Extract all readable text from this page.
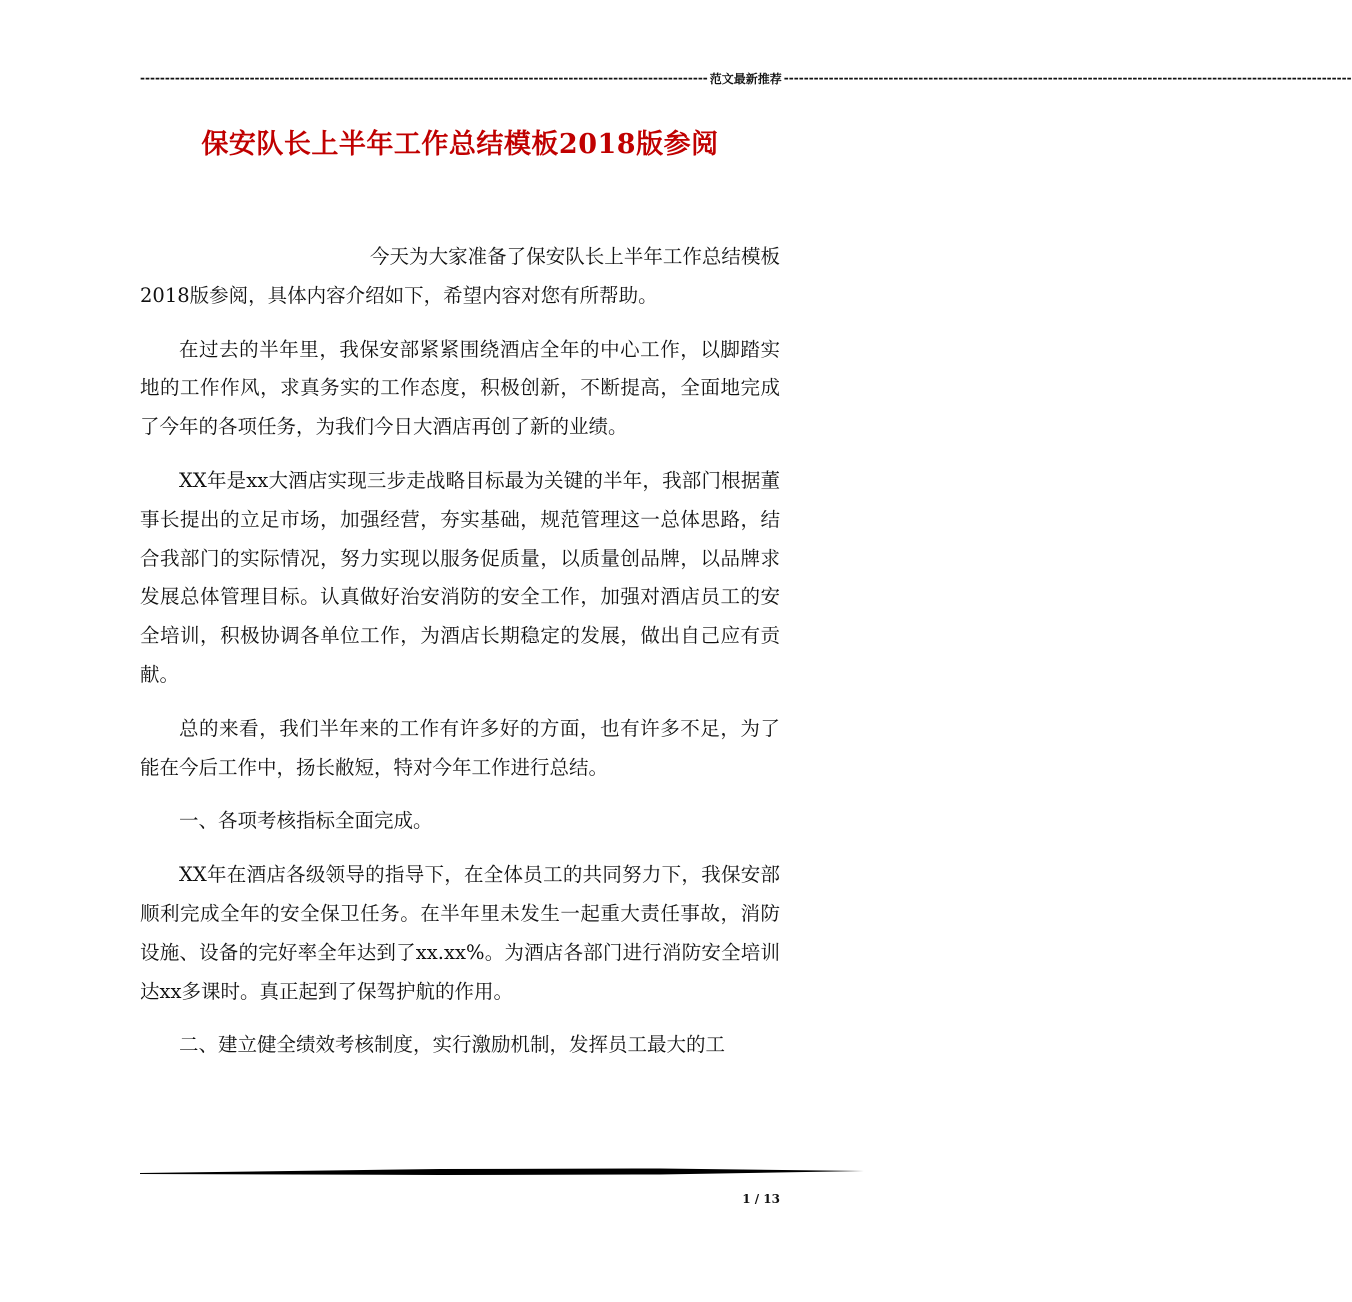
------------------------------------------------------------------------------------------------------------------ 范文最新推荐 ------------------------------------------------------------------------------------------------------------------
保安队长上半年工作总结模板2018版参阅

今天为大家准备了保安队长上半年工作总结模板2018版参阅，具体内容介绍如下，希望内容对您有所帮助。

在过去的半年里，我保安部紧紧围绕酒店全年的中心工作，以脚踏实地的工作作风，求真务实的工作态度，积极创新，不断提高，全面地完成了今年的各项任务，为我们今日大酒店再创了新的业绩。

XX年是xx大酒店实现三步走战略目标最为关键的半年，我部门根据董事长提出的立足市场，加强经营，夯实基础，规范管理这一总体思路，结合我部门的实际情况，努力实现以服务促质量，以质量创品牌，以品牌求发展总体管理目标。认真做好治安消防的安全工作，加强对酒店员工的安全培训，积极协调各单位工作，为酒店长期稳定的发展，做出自己应有贡献。

总的来看，我们半年来的工作有许多好的方面，也有许多不足，为了能在今后工作中，扬长敝短，特对今年工作进行总结。

一、各项考核指标全面完成。

XX年在酒店各级领导的指导下，在全体员工的共同努力下，我保安部顺利完成全年的安全保卫任务。在半年里未发生一起重大责任事故，消防设施、设备的完好率全年达到了xx.xx%。为酒店各部门进行消防安全培训达xx多课时。真正起到了保驾护航的作用。

二、建立健全绩效考核制度，实行激励机制，发挥员工最大的工

1 / 13
